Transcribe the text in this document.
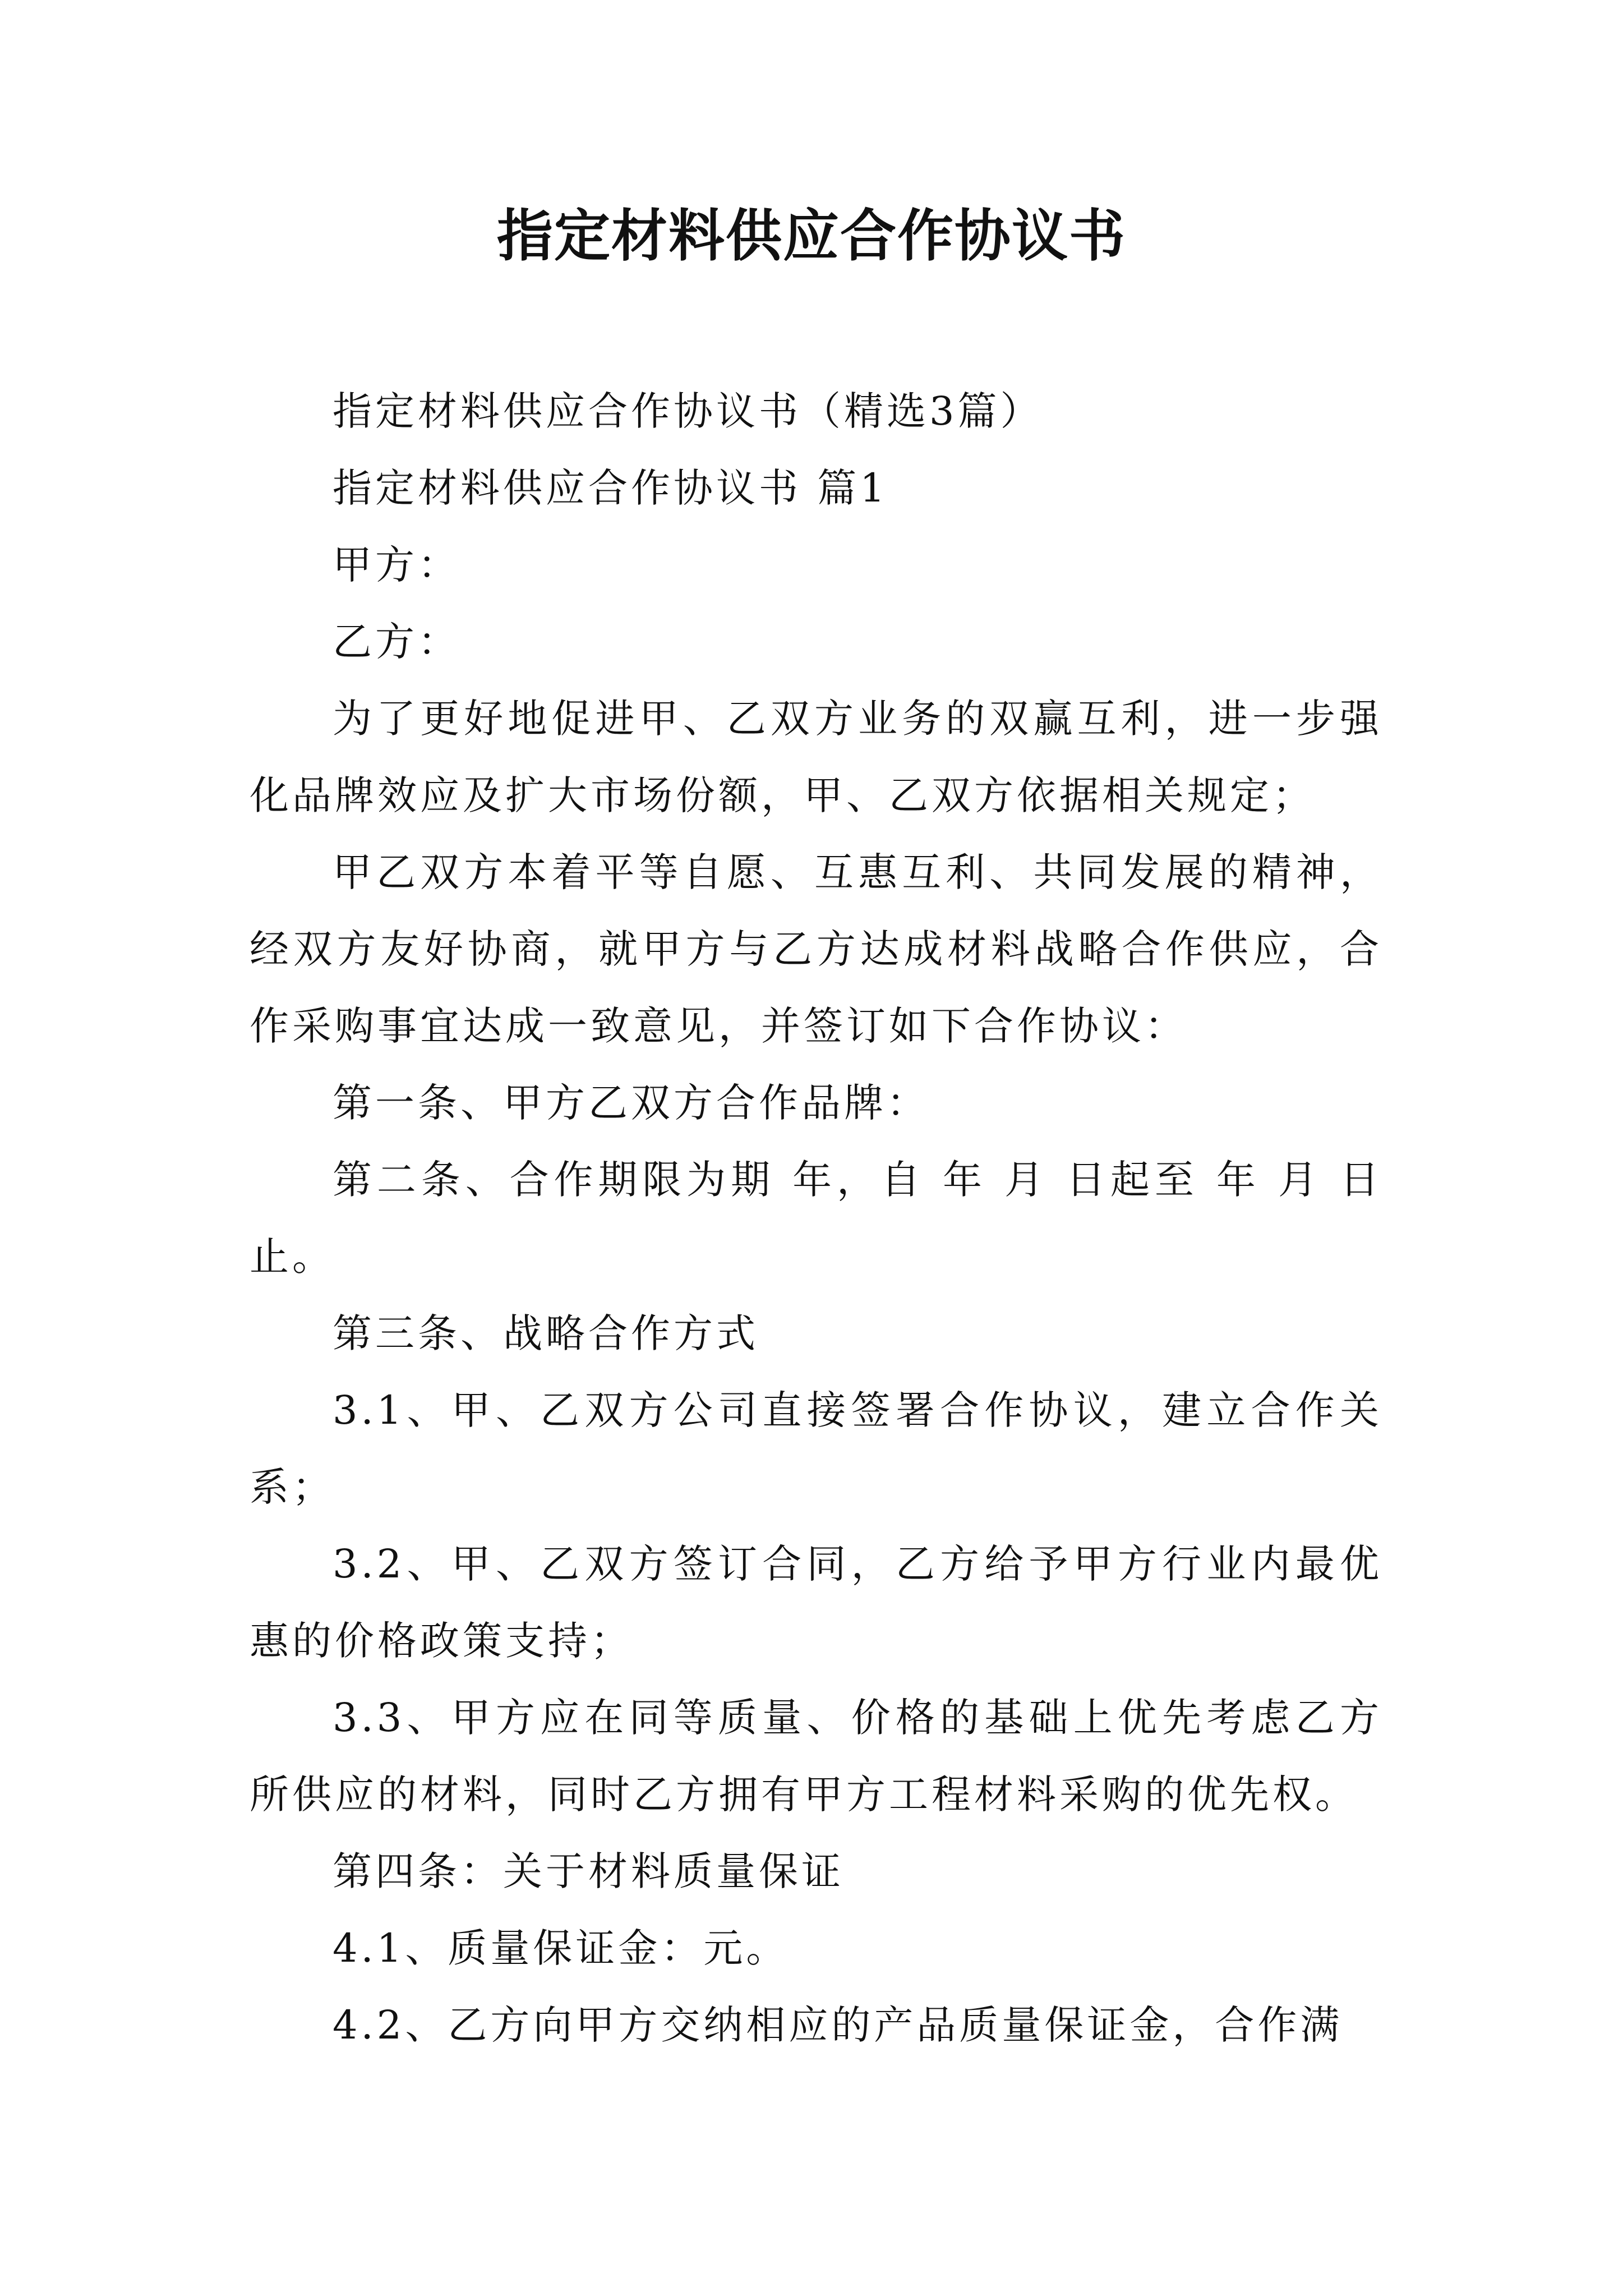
指定材料供应合作协议书

指定材料供应合作协议书（精选3篇）

指定材料供应合作协议书 篇1

甲方：

乙方：

为了更好地促进甲、乙双方业务的双赢互利，进一步强化品牌效应及扩大市场份额，甲、乙双方依据相关规定；

甲乙双方本着平等自愿、互惠互利、共同发展的精神，经双方友好协商，就甲方与乙方达成材料战略合作供应，合作采购事宜达成一致意见，并签订如下合作协议：

第一条、甲方乙双方合作品牌：

第二条、合作期限为期 年，自 年 月 日起至 年 月 日止。

第三条、战略合作方式

3.1、甲、乙双方公司直接签署合作协议，建立合作关系；

3.2、甲、乙双方签订合同，乙方给予甲方行业内最优惠的价格政策支持；

3.3、甲方应在同等质量、价格的基础上优先考虑乙方所供应的材料，同时乙方拥有甲方工程材料采购的优先权。

第四条：关于材料质量保证

4.1、质量保证金：元。

4.2、乙方向甲方交纳相应的产品质量保证金，合作满
